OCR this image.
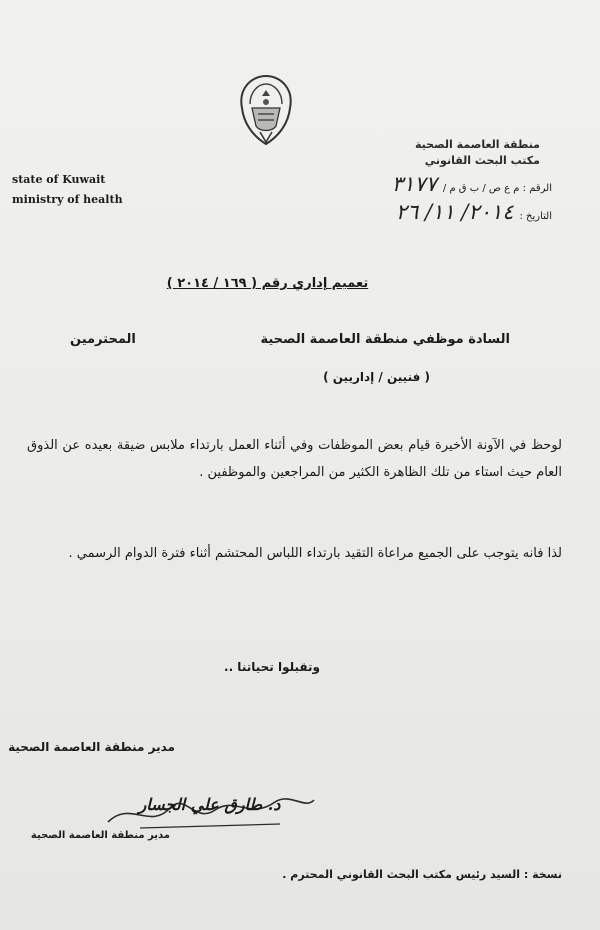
state of Kuwait
ministry of health
منطقة العاصمة الصحية
مكتب البحث القانوني
الرقم : م ع ص / ب ق م /
٣١٧٧
التاريخ :
٢٠١٤/ ١١/ ٢٦
تعميم إداري رقم ( ١٦٩ / ٢٠١٤ )
السادة موظفي منطقة العاصمة الصحية
المحترمين
( فنيين / إداريين )
لوحظ في الآونة الأخيرة قيام بعض الموظفات وفي أثناء العمل بارتداء ملابس ضيقة بعيده عن الذوق العام حيث استاء من تلك الظاهرة الكثير من المراجعين والموظفين .
لذا فانه يتوجب على الجميع مراعاة التقيد بارتداء اللباس المحتشم أثناء فترة الدوام الرسمي .
وتقبلوا تحياتنا ..
مدير منطقة العاصمة الصحية
د. طارق علي الجسار
مدير منطقة العاصمة الصحية
نسخة : السيد رئيس مكتب البحث القانوني المحترم .
